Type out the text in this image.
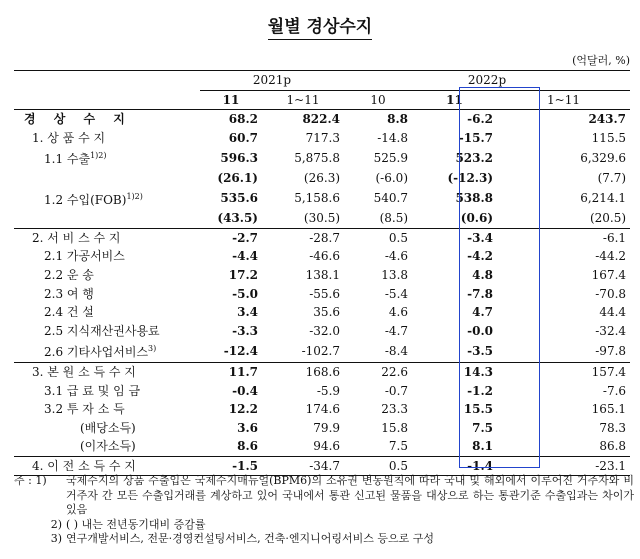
월별 경상수지
(억달러, %)
	2021p		2022p		
	11	1~11	10	11	1~11
경 상 수 지	68.2	822.4	8.8	-6.2	243.7
1. 상 품 수 지	60.7	717.3	-14.8	-15.7	115.5
1.1 수출$^{1)2)}$	596.3	5,875.8	525.9	523.2	6,329.6
	(26.1)	(26.3)	(-6.0)	(-12.3)	(7.7)
1.2 수입(FOB)$^{1)2)}$	535.6	5,158.6	540.7	538.8	6,214.1
	(43.5)	(30.5)	(8.5)	(0.6)	(20.5)
2. 서 비 스 수 지	-2.7	-28.7	0.5	-3.4	-6.1
2.1 가공서비스	-4.4	-46.6	-4.6	-4.2	-44.2
2.2 운 송	17.2	138.1	13.8	4.8	167.4
2.3 여 행	-5.0	-55.6	-5.4	-7.8	-70.8
2.4 건 설	3.4	35.6	4.6	4.7	44.4
2.5 지식재산권사용료	-3.3	-32.0	-4.7	-0.0	-32.4
2.6 기타사업서비스$^{3)}$	-12.4	-102.7	-8.4	-3.5	-97.8
3. 본 원 소 득 수 지	11.7	168.6	22.6	14.3	157.4
3.1 급 료 및 임 금	-0.4	-5.9	-0.7	-1.2	-7.6
3.2 투 자 소 득	12.2	174.6	23.3	15.5	165.1
(배당소득)	3.6	79.9	15.8	7.5	78.3
(이자소득)	8.6	94.6	7.5	8.1	86.8
4. 이 전 소 득 수 지	-1.5	-34.7	0.5	-1.4	-23.1
주 : 1)	국제수지의 상품 수출입은 국제수지매뉴얼(BPM6)의 소유권 변동원칙에 따라 국내 및 해외에서 이루어진 거주자와 비거주자 간 모든 수출입거래를 계상하고 있어 국내에서 통관 신고된 물품을 대상으로 하는 통관기준 수출입과는 차이가 있음
2) ( ) 내는 전년동기대비 증감률
3) 연구개발서비스, 전문·경영컨설팅서비스, 건축·엔지니어링서비스 등으로 구성
